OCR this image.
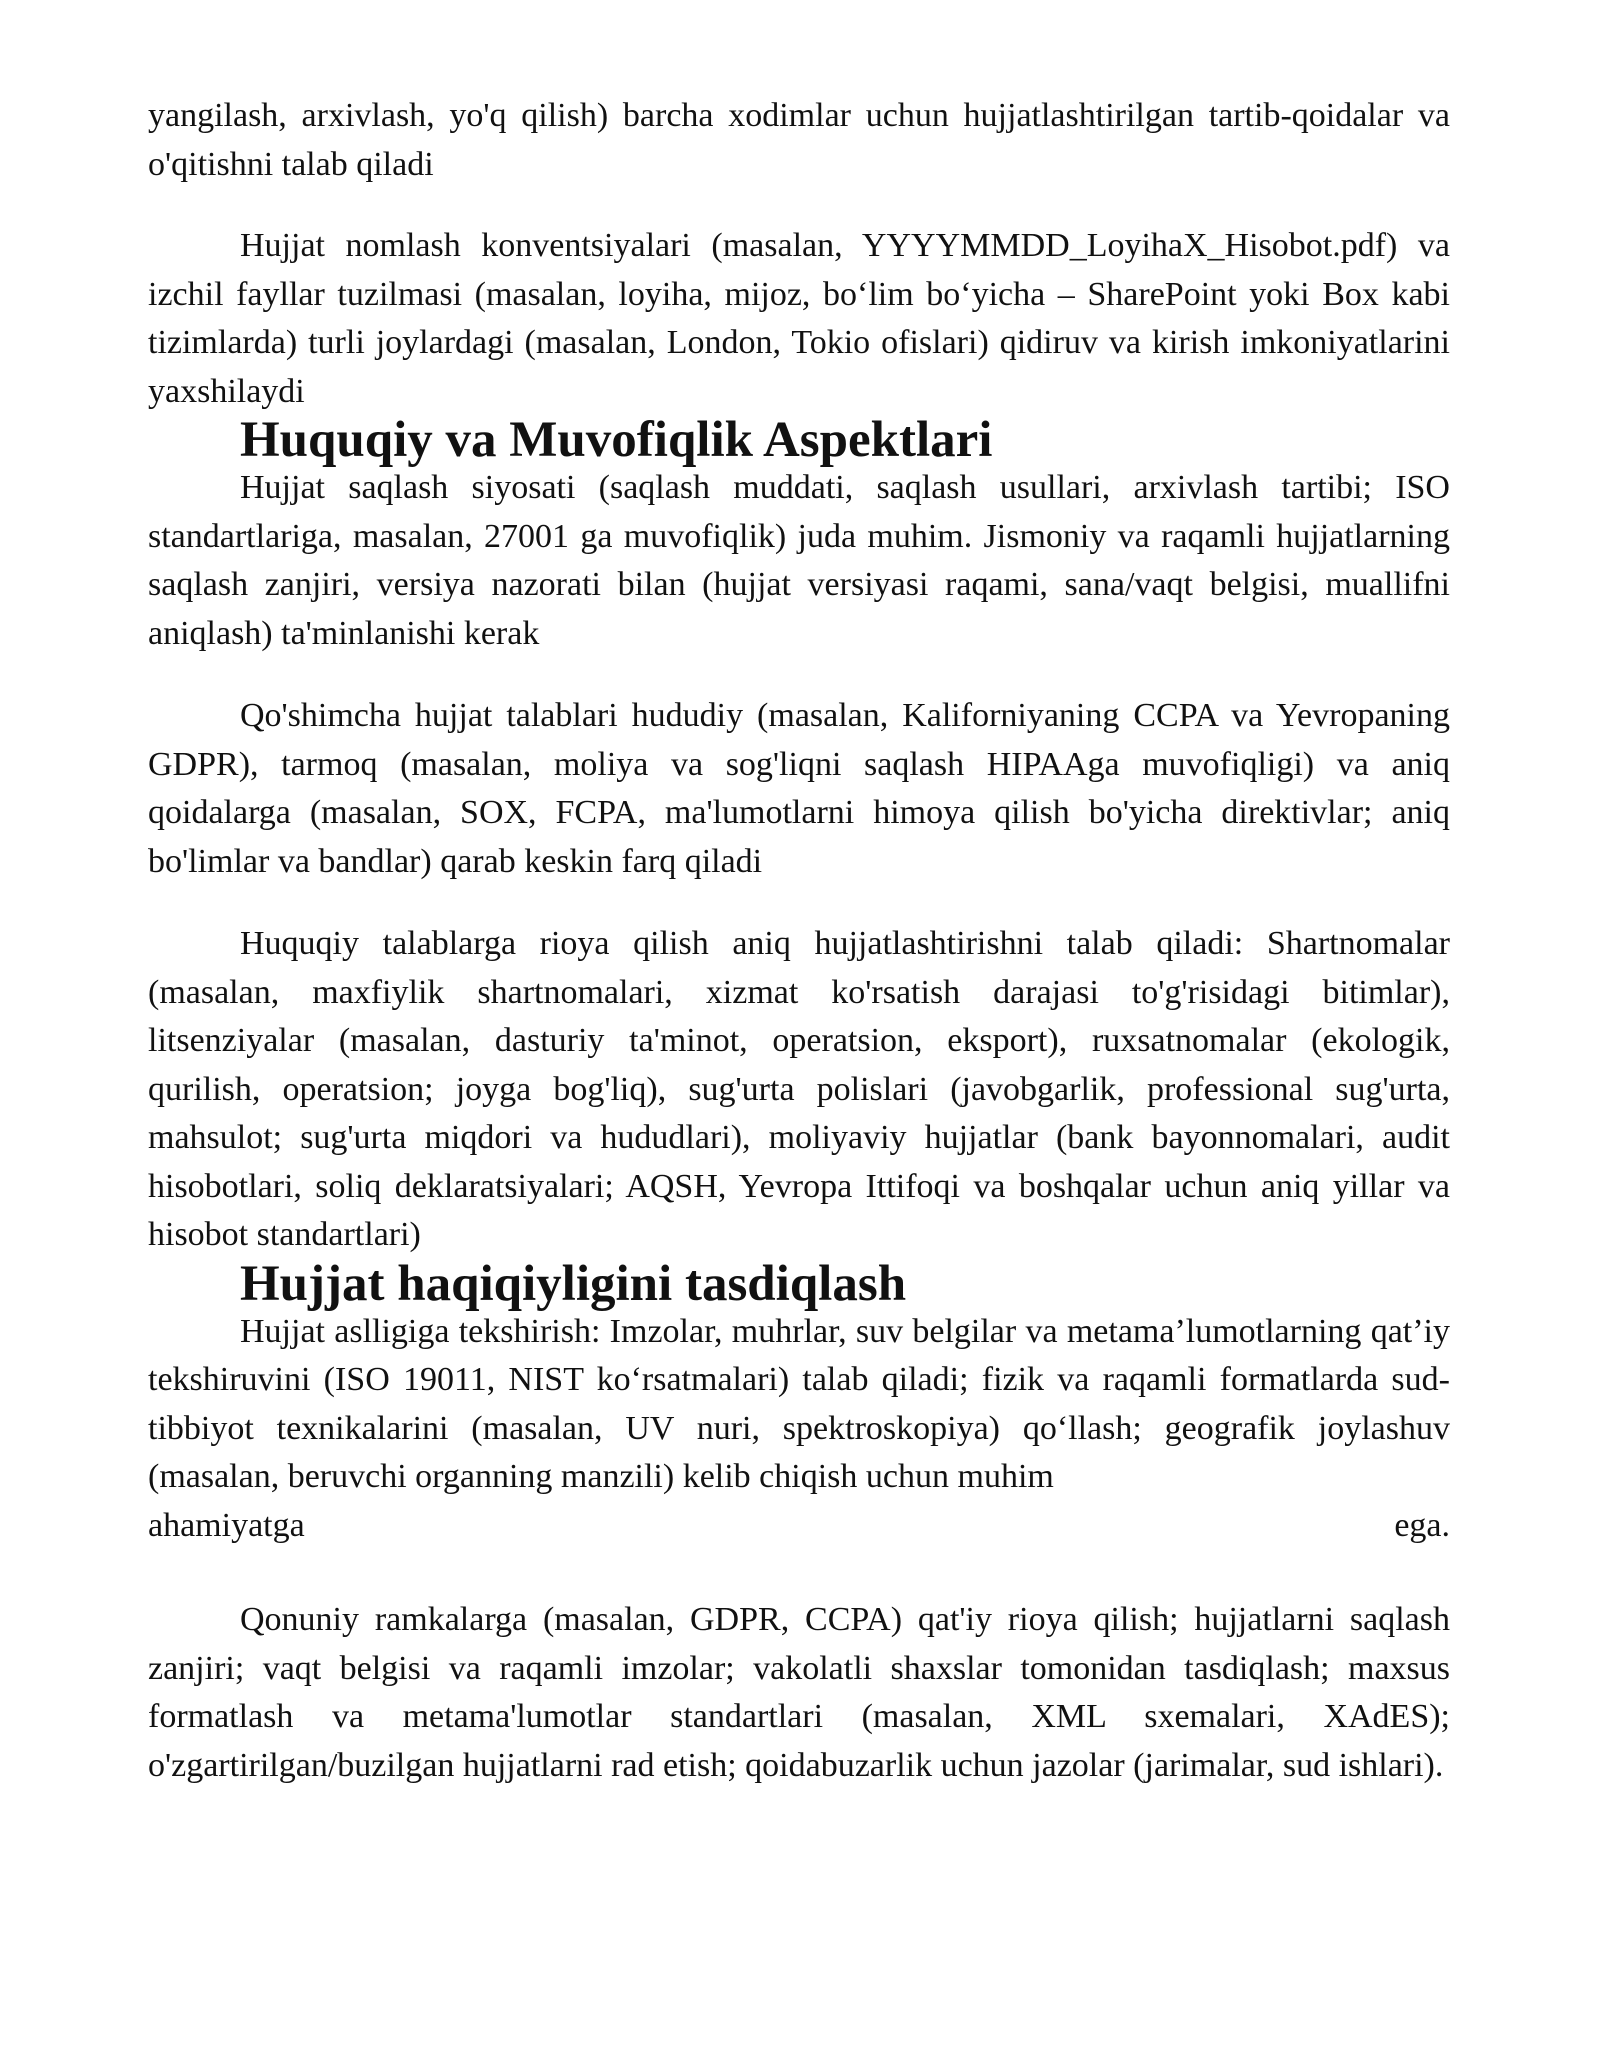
yangilash, arxivlash, yo'q qilish) barcha xodimlar uchun hujjatlashtirilgan tartib-qoidalar va o'qitishni talab qiladi

Hujjat nomlash konventsiyalari (masalan, YYYYMMDD_LoyihaX_Hisobot.pdf) va izchil fayllar tuzilmasi (masalan, loyiha, mijoz, bo‘lim bo‘yicha – SharePoint yoki Box kabi tizimlarda) turli joylardagi (masalan, London, Tokio ofislari) qidiruv va kirish imkoniyatlarini yaxshilaydi

Huquqiy va Muvofiqlik Aspektlari

Hujjat saqlash siyosati (saqlash muddati, saqlash usullari, arxivlash tartibi; ISO standartlariga, masalan, 27001 ga muvofiqlik) juda muhim. Jismoniy va raqamli hujjatlarning saqlash zanjiri, versiya nazorati bilan (hujjat versiyasi raqami, sana/vaqt belgisi, muallifni aniqlash) ta'minlanishi kerak

Qo'shimcha hujjat talablari hududiy (masalan, Kaliforniyaning CCPA va Yevropaning GDPR), tarmoq (masalan, moliya va sog'liqni saqlash HIPAAga muvofiqligi) va aniq qoidalarga (masalan, SOX, FCPA, ma'lumotlarni himoya qilish bo'yicha direktivlar; aniq bo'limlar va bandlar) qarab keskin farq qiladi

Huquqiy talablarga rioya qilish aniq hujjatlashtirishni talab qiladi: Shartnomalar (masalan, maxfiylik shartnomalari, xizmat ko'rsatish darajasi to'g'risidagi bitimlar), litsenziyalar (masalan, dasturiy ta'minot, operatsion, eksport), ruxsatnomalar (ekologik, qurilish, operatsion; joyga bog'liq), sug'urta polislari (javobgarlik, professional sug'urta, mahsulot; sug'urta miqdori va hududlari), moliyaviy hujjatlar (bank bayonnomalari, audit hisobotlari, soliq deklaratsiyalari; AQSH, Yevropa Ittifoqi va boshqalar uchun aniq yillar va hisobot standartlari)

Hujjat haqiqiyligini tasdiqlash

Hujjat aslligiga tekshirish: Imzolar, muhrlar, suv belgilar va metama’lumotlarning qat’iy tekshiruvini (ISO 19011, NIST ko‘rsatmalari) talab qiladi; fizik va raqamli formatlarda sud-tibbiyot texnikalarini (masalan, UV nuri, spektroskopiya) qo‘llash; geografik joylashuv (masalan, beruvchi organning manzili) kelib chiqish uchun muhim

ahamiyatga	ega.

Qonuniy ramkalarga (masalan, GDPR, CCPA) qat'iy rioya qilish; hujjatlarni saqlash zanjiri; vaqt belgisi va raqamli imzolar; vakolatli shaxslar tomonidan tasdiqlash; maxsus formatlash va metama'lumotlar standartlari (masalan, XML sxemalari, XAdES); o'zgartirilgan/buzilgan hujjatlarni rad etish; qoidabuzarlik uchun jazolar (jarimalar, sud ishlari).
